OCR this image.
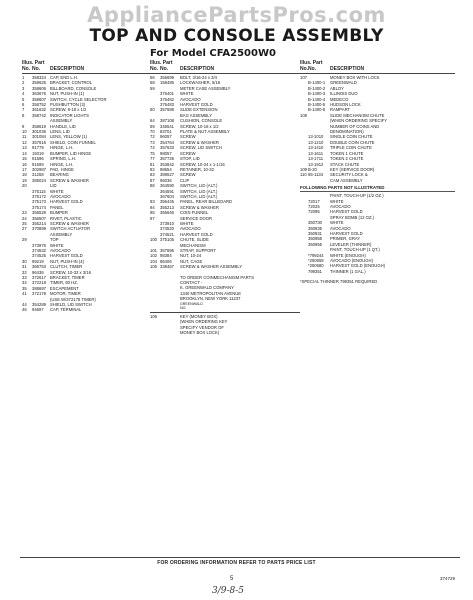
AppliancePartsPros.com
TOP AND CONSOLE ASSEMBLY
For Model CFA2500W0
Illus. Part
No. No.	DESCRIPTION
1	358324 CAP, END L.H.
2	358625 BRACKET, CONTROL
3	358606 BILLBOARD, CONSOLE
4	363676 NUT, PUSH-IN (1)
5	358607 SWITCH, CYCLE SELECTOR
6	358752 PUSHBUTTON (3)
7	361632 SCREW, 8-18 x 1/2
8	358742 INDICATOR LIGHTS
ASSEMBLY
9	358619 HANDLE, LID
10	301036 LENS, LID
11	301084 LENS, YELLOW (1)
12	357616 SHIELD, COIN FUNNEL
13	91779	HINGE, L.H.
14	19319	BUMPER, LID HINGE
15	91596	SPRING, L.H.
16	91599	HINGE, L.H.
17	302987 PAD, HINGE
18	31258	BEARING
19	385024 SCREW & WASHER
20	LID
375115	WHITE
375172 AVOCADO
375173 HARVEST GOLD
375174 PANEL
23	356528 BUMPER
24	356507 RIVET, PLASTIC
25	355214 SCREW & WASHER
27	370899 SWITCH ACTUATOR
ASSEMBLY
29	TOP
373976 WHITE
374532 AVOCADO
374525 HARVEST GOLD
30	99219	NUT, PUSH-IN (4)
31	366753 CLUTCH, TIMER
32	96436	SCREW, 10-32 x 3/16
33	372617 BRACKET, TIMER
34	372218 TIMER, 60 HZ.
35	388697 ESCAPEMENT
41	372178 MOTOR, TIMER
(USE W/372178 TIMER)
44	354289 SHIELD, LID SWITCH
46	94697	CAP, TERMINAL
Illus. Part
No. No.	DESCRIPTION
56	356699	BOLT, 3/16-24 x 3/4
58	158485	LOCKWASHER, 5/16
59	METER CASE ASSEMBLY
376401	WHITE
376482	AVOCADO
376483	HARVEST GOLD
60	357688	SLIDE EXTENSION
BAG ASSEMBLY
64	387108	CUSHION, CONSOLE
69	345541	SCREW, 10-16 x 1/2
70	83701	PLATE & NUT ASSEMBLY
72	96057	SCREW
73	354764	SCREW & WASHER
74	357633	SCREW, LID SWITCH
75	98057	SCREW
77	357726	STOP, LID
81	353842	SCREW, 10-24 x 1-1/16
82	98654	RETAINER, 10-32
83	389527	SCREW
87	96036	CLIP
88	364590	SWITCH, LID (ALT.)
364591	SWITCH, LID (ALT.)
367604	SWITCH, LID (ALT.)
93	356445	PANEL, REAR BILLBOARD
94	355213	SCREW & WASHER
95	355646	COIN FUNNEL
97	SERVICE DOOR
373910	WHITE
374520	AVOCADO
374521	HARVEST GOLD
100 375105	CHUTE, SLIDE
MECHANISM
101 357895	STRAP, SUPPORT
102 98384	NUT, 10-24
104 96406	NUT, CAGE
105 338467	SCREW & WASHER ASSEMBLY
TO ORDER COINMECHANISM PARTS
CONTACT -
K. GREENWALD COMPANY
1340 METROPOLITAN AVENUE
BROOKLYN, NEW YORK 11237
GREENWALD
NO.
106	KEY (MONEY BOX)
(WHEN ORDERING KEY
SPECIFY VENDOR OF
MONEY BOX LOCK)
Illus. Part
No. No.	DESCRIPTION
107	MONEY BOX WITH LOCK
B-1400-1	GREENWALD
B-1400-2	ABLOY
B-1400-3	ILLINOIS DUO
B-1400-4	MEDECO
B-1400-5	HUDSON LOCK
B-1400-6	RAMPART
108	SLIDE MECHANISM CHUTE
(WHEN ORDERING SPECIFY
NUMBER OF COINS AND
DENOMINATION)
13-1010	SINGLE COIN CHUTE
13-1210	DOUBLE COIN CHUTE
13-1410	TRIPLE COIN CHUTE
13-1611	TOKEN 1 CHUTE
13-1711	TOKEN 2 CHUTE
13-1912	STACK CHUTE
109 B-20	KEY (SERVICE DOOR)
110 65-1134	SECURITY LOCK &
CAM ASSEMBLY
FOLLOWING PARTS NOT ILLUSTRATED
PAINT, TOUCH-UP (1/2 OZ.)
72017	WHITE
72025	AVOCADO
72095	HARVEST GOLD
SPRAY BOMB (12 OZ.)
350730	WHITE
350935	AVOCADO
350931	HARVEST GOLD
350958	PRIMER, GRAY
350955	LEVELER (THINNER)
PAINT, TOUCH-UP (1 QT.)
*799244	WHITE (ENOUGH)
*250659	AVOCADO (ENOUGH)
*250680	HARVEST GOLD (ENOUGH)
799351	THINNER (1 GAL.)
*SPECIAL THINNER 799351 REQUIRED
FOR ORDERING INFORMATION REFER TO PARTS PRICE LIST
5	374729
3/9-8-5
